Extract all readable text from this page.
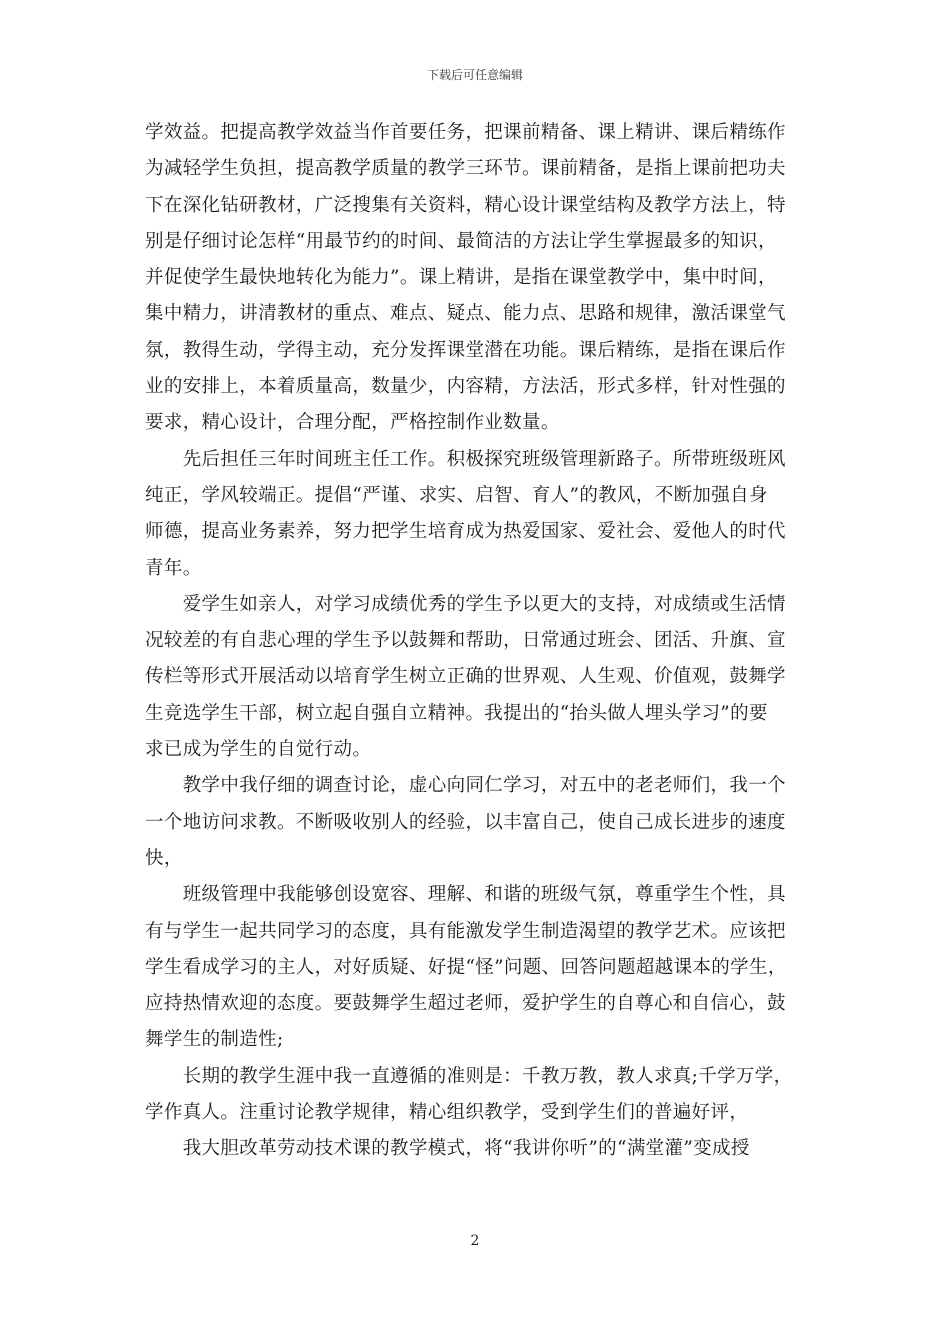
下载后可任意编辑

学效益。把提高教学效益当作首要任务，把课前精备、课上精讲、课后精练作
为减轻学生负担，提高教学质量的教学三环节。课前精备，是指上课前把功夫
下在深化钻研教材，广泛搜集有关资料，精心设计课堂结构及教学方法上，特
别是仔细讨论怎样“用最节约的时间、最简洁的方法让学生掌握最多的知识，
并促使学生最快地转化为能力”。课上精讲，是指在课堂教学中，集中时间，
集中精力，讲清教材的重点、难点、疑点、能力点、思路和规律，激活课堂气
氛，教得生动，学得主动，充分发挥课堂潜在功能。课后精练，是指在课后作
业的安排上，本着质量高，数量少，内容精，方法活，形式多样，针对性强的
要求，精心设计，合理分配，严格控制作业数量。

　　先后担任三年时间班主任工作。积极探究班级管理新路子。所带班级班风
纯正，学风较端正。提倡“严谨、求实、启智、育人”的教风，不断加强自身
师德，提高业务素养，努力把学生培育成为热爱国家、爱社会、爱他人的时代
青年。

　　爱学生如亲人，对学习成绩优秀的学生予以更大的支持，对成绩或生活情
况较差的有自悲心理的学生予以鼓舞和帮助，日常通过班会、团活、升旗、宣
传栏等形式开展活动以培育学生树立正确的世界观、人生观、价值观，鼓舞学
生竞选学生干部，树立起自强自立精神。我提出的“抬头做人埋头学习”的要
求已成为学生的自觉行动。

　　教学中我仔细的调查讨论，虚心向同仁学习，对五中的老老师们，我一个
一个地访问求教。不断吸收别人的经验，以丰富自己，使自己成长进步的速度
快，

　　班级管理中我能够创设宽容、理解、和谐的班级气氛，尊重学生个性，具
有与学生一起共同学习的态度，具有能激发学生制造渴望的教学艺术。应该把
学生看成学习的主人，对好质疑、好提“怪”问题、回答问题超越课本的学生，
应持热情欢迎的态度。要鼓舞学生超过老师，爱护学生的自尊心和自信心，鼓
舞学生的制造性;

　　长期的教学生涯中我一直遵循的准则是：千教万教，教人求真;千学万学，
学作真人。注重讨论教学规律，精心组织教学，受到学生们的普遍好评，

　　我大胆改革劳动技术课的教学模式，将“我讲你听”的“满堂灌”变成授

2
